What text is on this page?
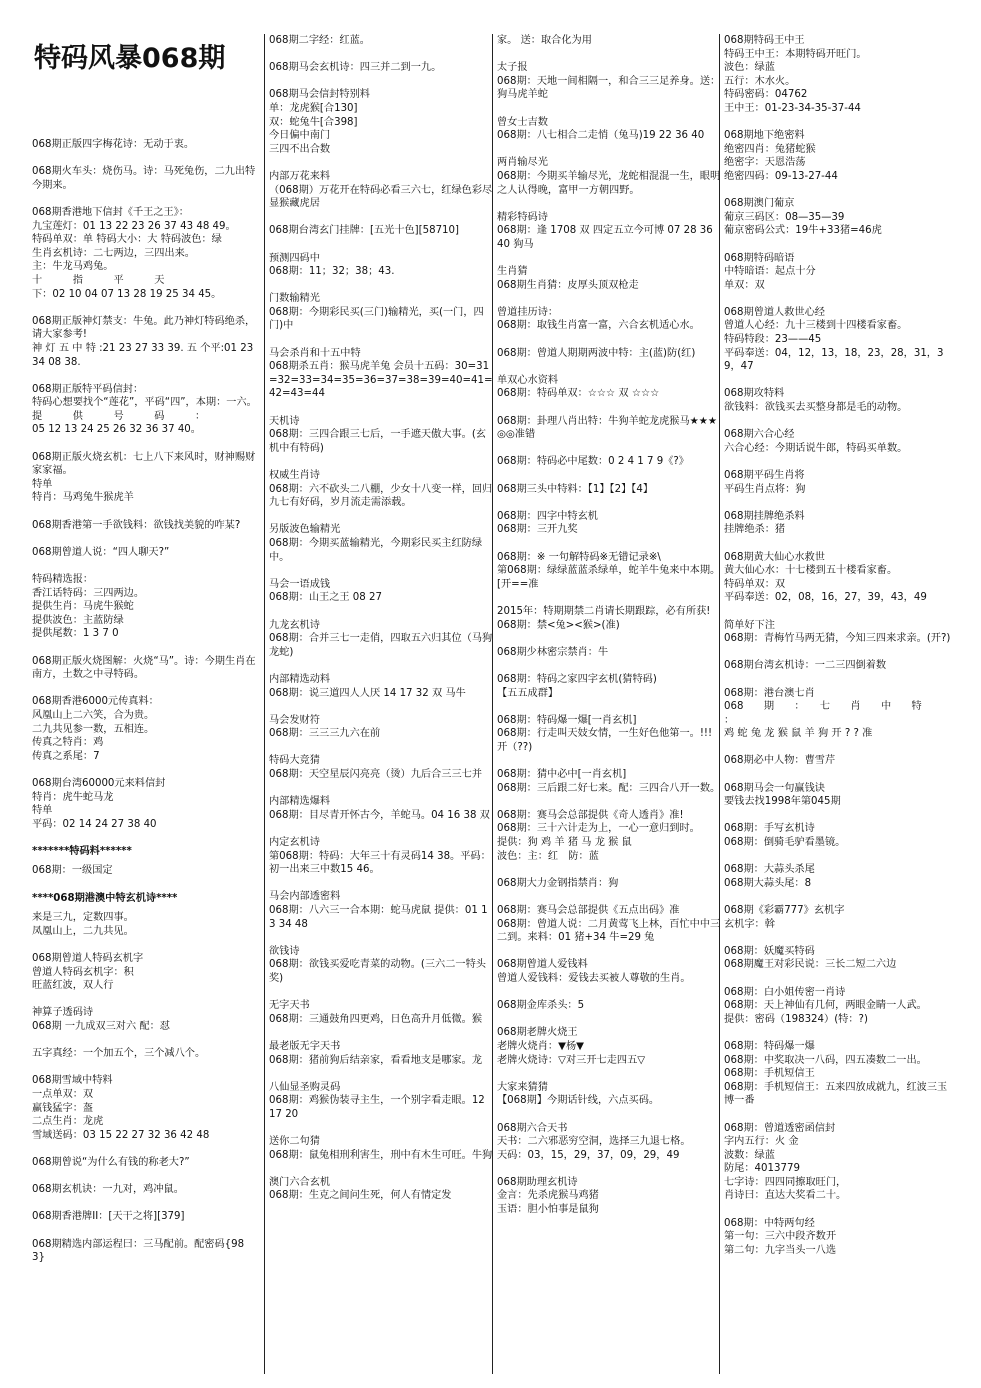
特码风暴068期
068期正版四字梅花诗：无动于衷。
068期火车头：烧伤马。诗：马死兔伤，二九出特今期来。
068期香港地下信封《千王之王》：
九宝莲灯：01 13 22 23 26 37 43 48 49。
特码单双：单 特码大小：大 特码波色：绿
生肖玄机诗：二七两边，三四出来。
主：牛龙马鸡兔。
十　　　指　　　平　　　天
下：02 10 04 07 13 28 19 25 34 45。
068期正版神灯禁支：牛兔。此乃神灯特码绝杀，请大家参考!
神 灯 五 中 特 :21 23 27 33 39. 五 个平:01 23 34 08 38.
068期正版特平码信封：
特码心想要找个“莲花”，平码“四”，本期：一六。
提　　　供　　　号　　　码　　　：
05 12 13 24 25 26 32 36 37 40。
068期正版火烧玄机：七上八下来风时，财神赐财家家福。
特单
特肖：马鸡兔牛猴虎羊
068期香港第一手欲钱料：欲钱找美貌的咋某?
068期曾道人说：“四人聊天?”
特码精选报：
香江话特码：三四两边。
提供生肖：马虎牛猴蛇
提供波色：主蓝防绿
提供尾数：1 3 7 0
068期正版火烧图解：火烧“马”。诗：今期生肖在南方，土数之中寻特码。
068期香港6000元传真料：
风凰山上二六笑，合为贵。
二九共见参一数，五相连。
传真之特肖：鸡
传真之系尾：7
068期台湾60000元来料信封
特肖：虎牛蛇马龙
特单
平码：02 14 24 27 38 40
*******特码料******
068期：一级国定
****068期港澳中特玄机诗****
来是三九，定数四事。
凤凰山上，二九共见。
068期曾道人特码玄机字
曾道人特码玄机字：积
旺蓝红波，双人行
神算子透码诗
068期 一九成双三对六 配：怼
五字真经：一个加五个，三个减八个。
068期雪域中特料
一点单双：双
赢钱猛字：盔
二点生肖：龙虎
雪域送码：03 15 22 27 32 36 42 48
068期曾说“为什么有钱的称老大?”
068期玄机诀：一九对，鸡冲鼠。
068期香港牌II：[天干之将][379]
068期精选内部运程曰：三马配前。配密码{983}
068期二字经：红蓝。
068期马会玄机诗：四三并二到一九。
068期马会信封特别料
单：龙虎猴[合130]
双：蛇兔牛[合398]
今日偏中南门
三四不出合数
内部万花来料
（068期）万花开在特码必看三六七，红绿色彩尽显猴藏虎居
068期台湾玄门挂牌：[五光十色][58710]
预测四码中
068期：11；32；38；43.
门数输精光
068期：今期彩民买(三门)输精光，买(一门，四门)中
马会杀肖和十五中特
068期杀五肖：猴马虎羊兔 会员十五码：30=31=32=33=34=35=36=37=38=39=40=41=42=43=44
天机诗
068期：三四合跟三七后，一手遮天傲大事。(玄机中有特码)
权威生肖诗
068期：六不砍头二八棚，少女十八变一样，回归九七有好码，岁月流走需添载。
另版波色输精光
068期：今期买蓝输精光，今期彩民买主红防绿中。
马会一语成钱
068期：山王之王 08 27
九龙玄机诗
068期：合并三七一走俏，四取五六归其位（马狗龙蛇)
内部精选动料
068期：说三道四人人厌 14 17 32 双 马牛
马会发财符
068期：三三三九六在前
特码大竞猜
068期：天空星辰闪亮亮（烫）九后合三三七并
内部精选爆料
068期：目尽青开怀古今，羊蛇马。04 16 38 双
内定玄机诗
第068期：特码：大年三十有灵码14 38。平码：初一出来三中数15 46。
马会内部透密料
068期：八六三一合本期：蛇马虎鼠 提供：01 13 34 48
欲钱诗
068期：欲钱买爱吃青菜的动物。(三六二一特头奖)
无字天书
068期：三通鼓角四更鸡，日色高升月低微。猴
最老版无字天书
068期：猪前狗后结亲家，看看地支是哪家。龙
八仙显圣购灵码
068期：鸡猴伪装寻主生，一个别字看走眼。12 17 20
送你二句猜
068期：鼠兔相刑利害生，刑中有木生可旺。牛狗
澳门六合玄机
068期：生克之间问生死，何人有情定发
家。 送：取合化为用
太子报
068期：天地一间相隔一，和合三三足养身。送：狗马虎羊蛇
曾女士吉数
068期：八七相合二走悄（兔马)19 22 36 40
两肖输尽光
068期：今期买羊输尽光，龙蛇相混混一生，眼明之人认得晚，富甲一方朝四野。
精彩特码诗
068期：逢 1708 双 四定五立今可博 07 28 36 40 狗马
生肖猜
068期生肖猜：皮厚头顶双枪走
曾道挂历诗：
068期：取钱生肖富一富，六合玄机适心水。
068期：曾道人期期两波中特：主(蓝)防(红)
单双心水资料
068期：特码单双：☆☆☆ 双 ☆☆☆
068期：卦理八肖出特：牛狗羊蛇龙虎猴马★★★◎◎准错
068期：特码必中尾数：0 2 4 1 7 9《?》
068期三头中特料：【1】【2】【4】
068期：四字中特玄机
068期：三开九奖
068期：※ 一句解特码※无错记录※\
第068期：绿绿蓝蓝杀绿单，蛇羊牛兔来中本期。[开==准
2015年：特期期禁二肖请长期跟踪，必有所获!
068期：禁<兔><猴>(准)
068期少林密宗禁肖：牛
068期：特码之家四字玄机(猜特码)
【五五成群】
068期：特码爆一爆[一肖玄机]
068期：行走叫天妓女情，一生好色他第一。!!! 开（??)
068期：猜中必中[一肖玄机]
068期：三后跟二好七来。配：三四合八开一数。
068期：赛马会总部提供《奇人透肖》准!
068期：三十六计走为上，一心一意归到时。
提供：狗 鸡 羊 猪 马 龙 猴 鼠
波色：主：红　防：蓝
068期大力金钢指禁肖：狗
068期：赛马会总部提供《五点出码》准
068期：曾道人说：二月黄莺飞上林，百忙中中三二到。来料：01 猪+34 牛=29 兔
068期曾道人爱钱料
曾道人爱钱料：爱钱去买被人尊敬的生肖。
068期金库杀头：5
068期老牌火烧王
老牌火烧肖：▼杨▼
老牌火烧诗：▽对三开七走四五▽
大家来猜猜
【068期】今期话针线，六点买码。
068期六合天书
天书：二六邪恶穷空洞，选择三九退七格。
天码：03，15，29，37，09，29，49
068期助理玄机诗
金言：先杀虎猴马鸡猪
玉语：胆小怕事是鼠狗
068期特码王中王
特码王中王：本期特码开旺门。
波色：绿蓝
五行：木水火。
特码密码：04762
王中王：01-23-34-35-37-44
068期地下绝密料
绝密四肖：兔猪蛇猴
绝密字：天恩浩荡
绝密四码：09-13-27-44
068期澳门葡京
葡京三码区：08—35—39
葡京密码公式：19牛+33猪=46虎
068期特码暗语
中特暗语：起点十分
单双：双
068期曾道人救世心经
曾道人心经：九十三楼到十四楼看家畜。
特码特段：23——45
平码奉送：04，12，13，18，23，28，31，39，47
068期攻特料
欲钱料：欲钱买去买整身都是毛的动物。
068期六合心经
六合心经：今期话说牛郎，特码买单数。
068期平码生肖将
平码生肖点将：狗
068期挂牌绝杀料
挂牌绝杀：猪
068期黄大仙心水救世
黄大仙心水：十七楼到五十楼看家畜。
特码单双：双
平码奉送：02，08，16，27，39，43，49
简单好下注
068期：青梅竹马两无猜，今知三四来求亲。(开?)
068期台湾玄机诗：一二三四倒着数
068期：港台澳七肖
068　　期　　：　　七　　肖　　中　　特　　：
鸡 蛇 兔 龙 猴 鼠 羊 狗 开 ? ? 准
068期必中人物：曹雪芹
068期马会一句赢钱诀
要钱去找1998年第045期
068期：手写玄机诗
068期：倒骑毛驴看墨镜。
068期：大蒜头杀尾
068期大蒜头尾：8
068期《彩霸777》玄机字
玄机字：斡
068期：妖魔买特码
068期魔王对彩民说：三长二短二六边
068期：白小姐传密一肖诗
068期：天上神仙有几何，两眼金睛一人武。
提供：密码（198324）(特：?)
068期：特码爆一爆
068期：中奖取决一八码，四五凑数二一出。
068期：手机短信王
068期：手机短信王：五来四放成就九，红波三玉博一番
068期：曾道透密函信封
字内五行：火 金
波数：绿蓝
防尾：4013779
七字诗：四四同擦取旺门，
肖诗曰：直达大奖看二十。
068期：中特两句经
第一句：三六中段齐数开
第二句：九字当头一八选
